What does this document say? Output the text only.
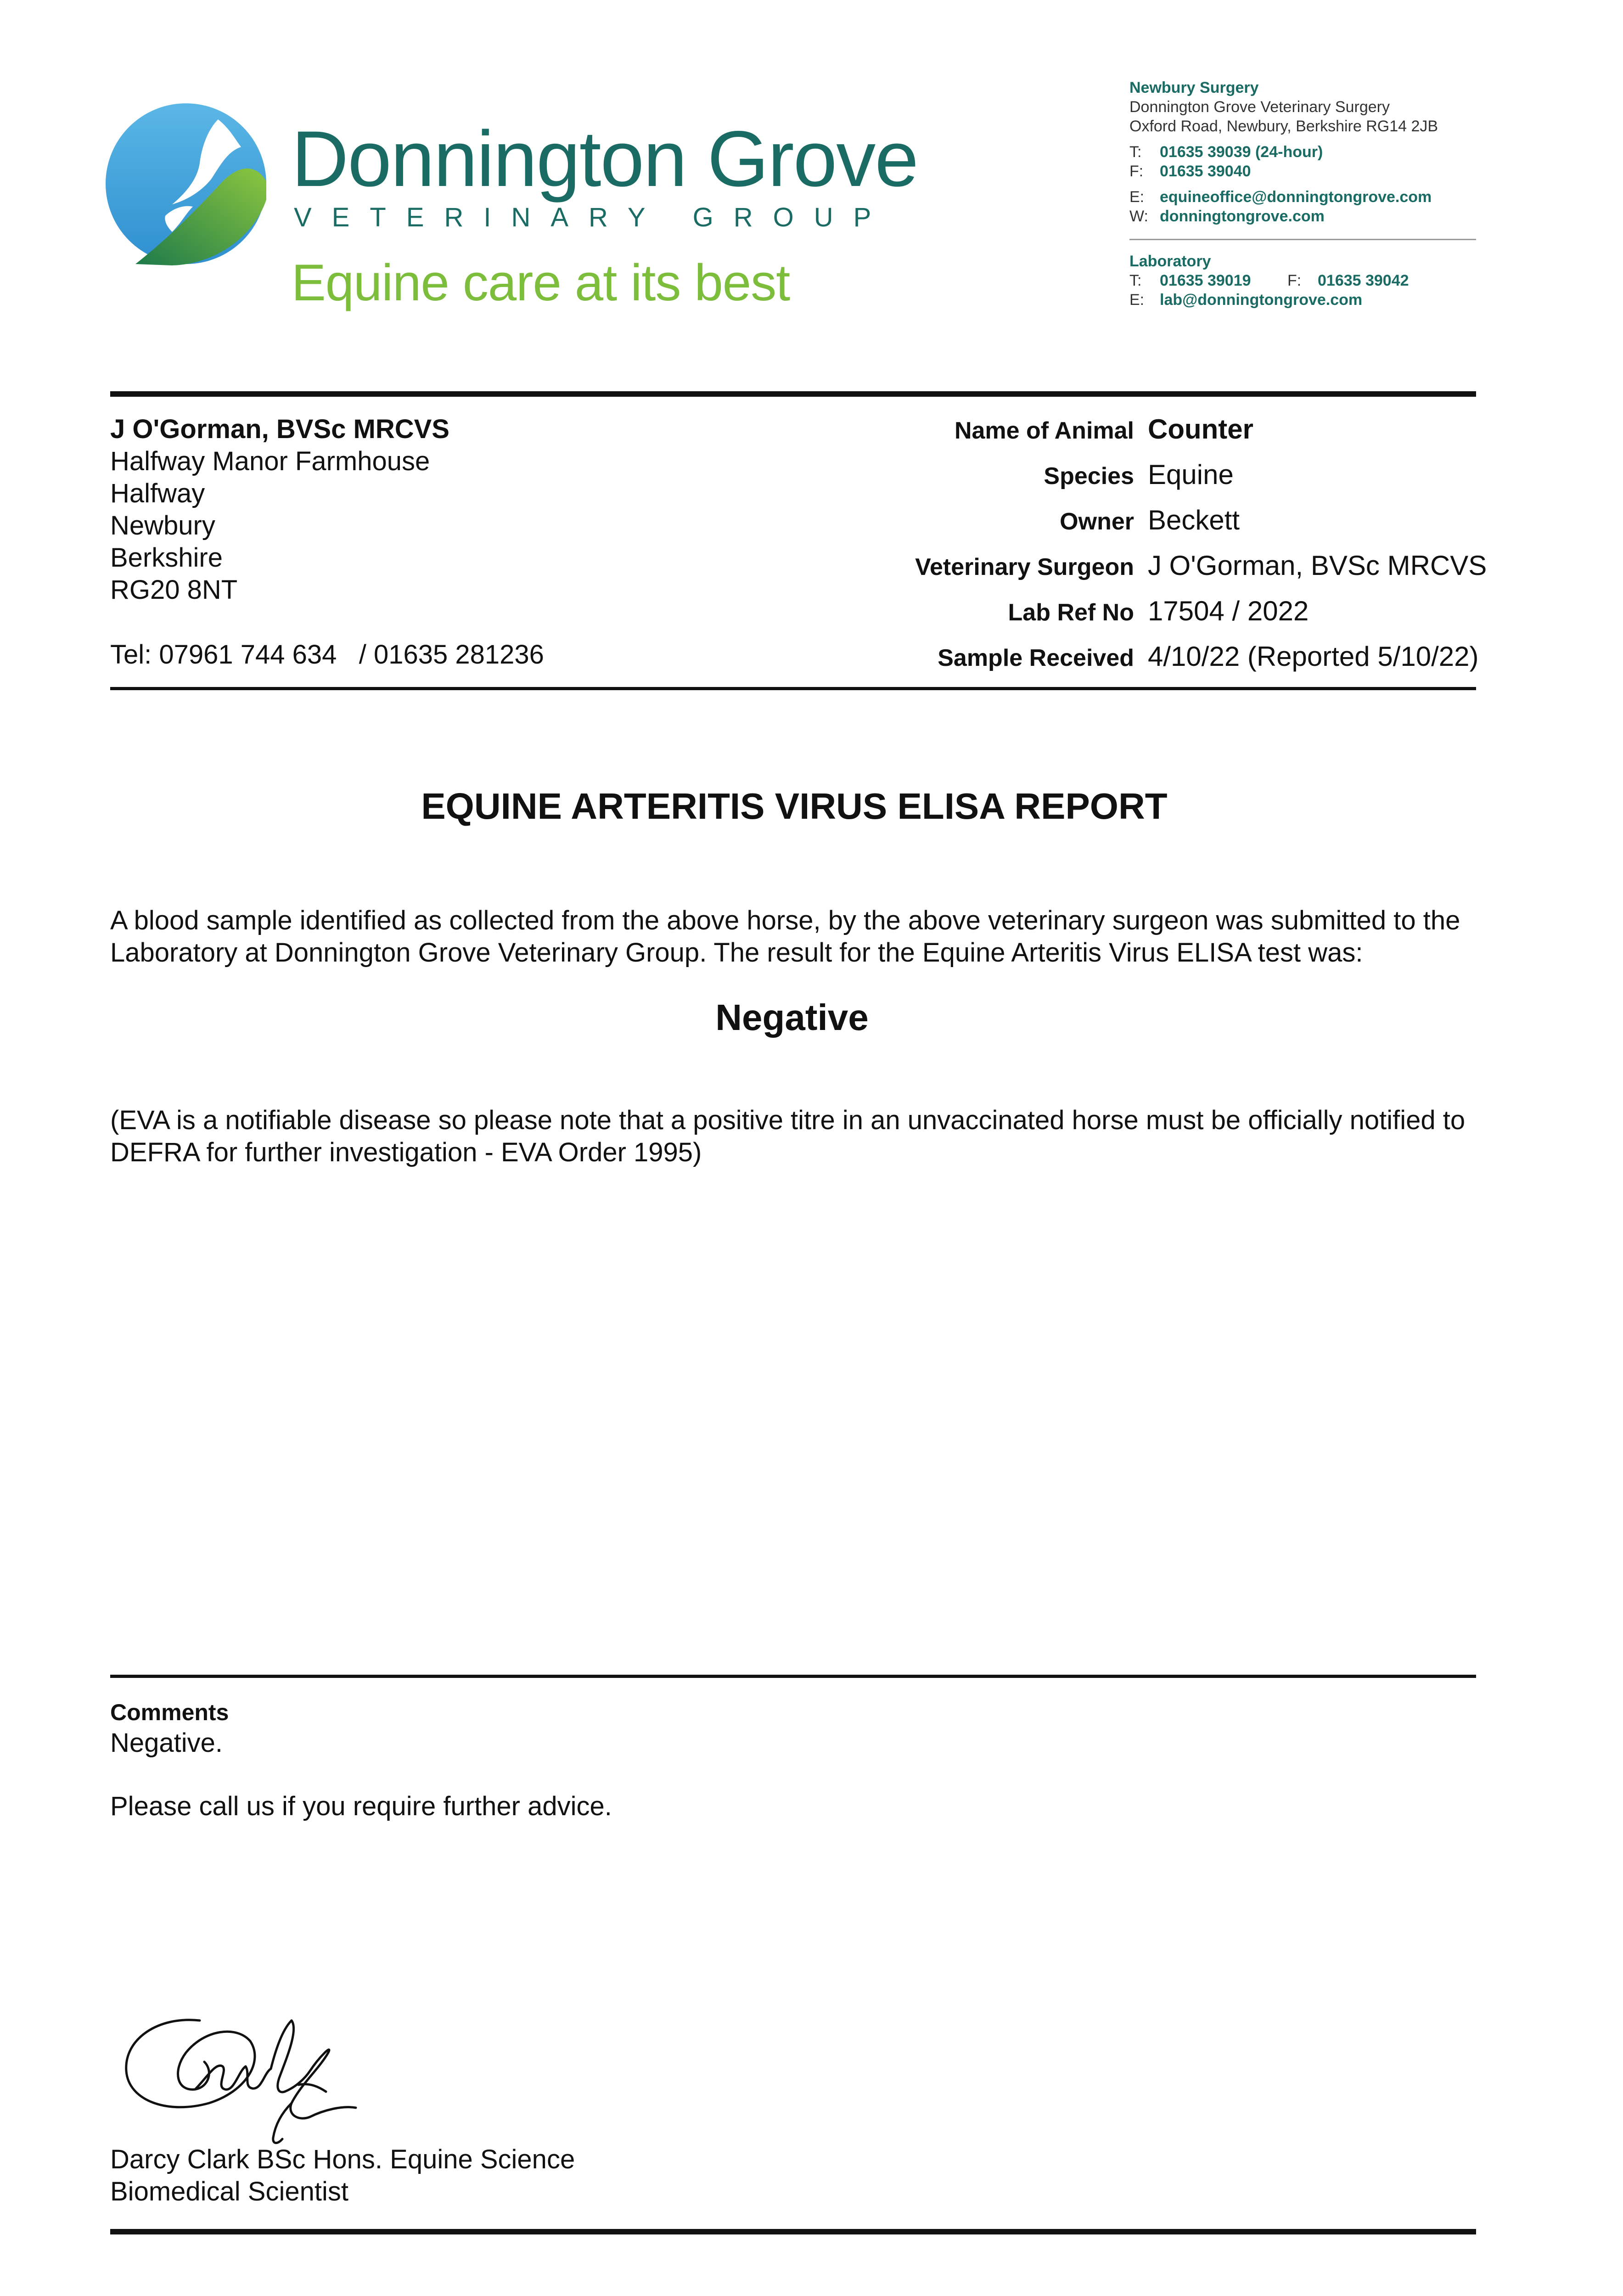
Donnington Grove
VETERINARY GROUP
Equine care at its best
Newbury Surgery
Donnington Grove Veterinary Surgery
Oxford Road, Newbury, Berkshire RG14 2JB
T: 01635 39039 (24-hour)
F: 01635 39040
E: equineoffice@donningtongrove.com
W: donningtongrove.com
Laboratory
T: 01635 39019 F: 01635 39042
E: lab@donningtongrove.com
J O'Gorman, BVSc MRCVS
Halfway Manor Farmhouse
Halfway
Newbury
Berkshire
RG20 8NT
Tel: 07961 744 634   / 01635 281236
Name of Animal Counter
Species Equine
Owner Beckett
Veterinary Surgeon J O'Gorman, BVSc MRCVS
Lab Ref No 17504 / 2022
Sample Received 4/10/22 (Reported 5/10/22)
EQUINE ARTERITIS VIRUS ELISA REPORT
A blood sample identified as collected from the above horse, by the above veterinary surgeon was submitted to the Laboratory at Donnington Grove Veterinary Group. The result for the Equine Arteritis Virus ELISA test was:
Negative
(EVA is a notifiable disease so please note that a positive titre in an unvaccinated horse must be officially notified to DEFRA for further investigation - EVA Order 1995)
Comments
Negative.
Please call us if you require further advice.
Darcy Clark BSc Hons. Equine Science
Biomedical Scientist
